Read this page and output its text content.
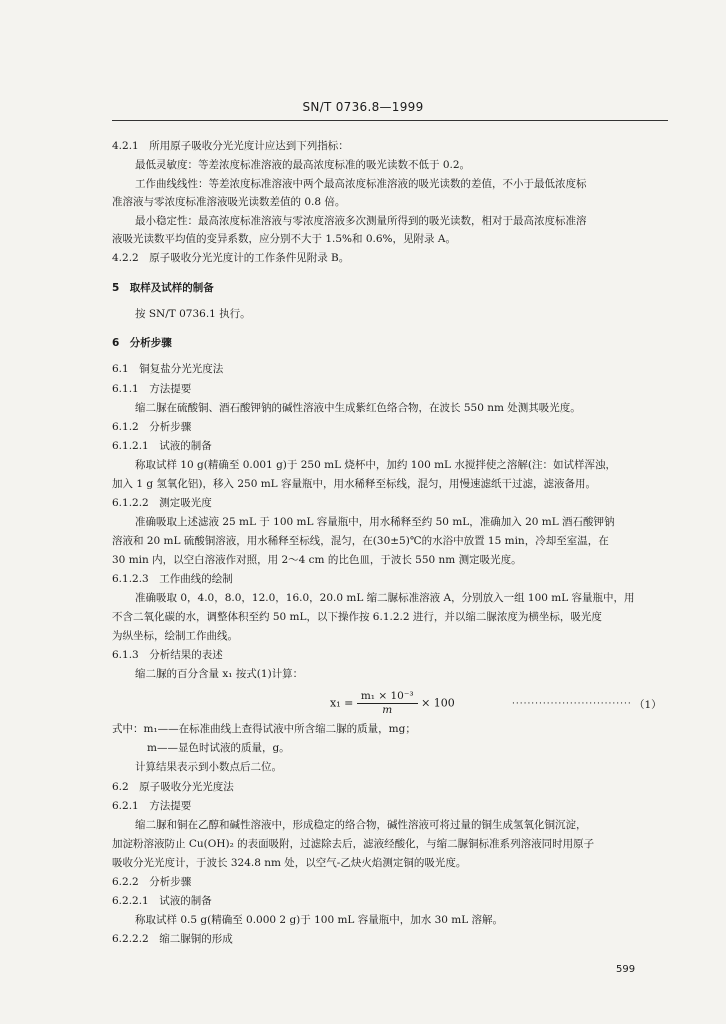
SN/T 0736.8—1999
4.2.1　所用原子吸收分光光度计应达到下列指标：
最低灵敏度：等差浓度标准溶液的最高浓度标准的吸光读数不低于 0.2。
工作曲线线性：等差浓度标准溶液中两个最高浓度标准溶液的吸光读数的差值，不小于最低浓度标
准溶液与零浓度标准溶液吸光读数差值的 0.8 倍。
最小稳定性：最高浓度标准溶液与零浓度溶液多次测量所得到的吸光读数，相对于最高浓度标准溶
液吸光读数平均值的变异系数，应分别不大于 1.5%和 0.6%，见附录 A。
4.2.2　原子吸收分光光度计的工作条件见附录 B。
5　取样及试样的制备
按 SN/T 0736.1 执行。
6　分析步骤
6.1　铜复盐分光光度法
6.1.1　方法提要
缩二脲在硫酸铜、酒石酸钾钠的碱性溶液中生成紫红色络合物，在波长 550 nm 处测其吸光度。
6.1.2　分析步骤
6.1.2.1　试液的制备
称取试样 10 g(精确至 0.001 g)于 250 mL 烧杯中，加约 100 mL 水搅拌使之溶解(注：如试样浑浊，
加入 1 g 氢氧化铝)，移入 250 mL 容量瓶中，用水稀释至标线，混匀，用慢速滤纸干过滤，滤液备用。
6.1.2.2　测定吸光度
准确吸取上述滤液 25 mL 于 100 mL 容量瓶中，用水稀释至约 50 mL，准确加入 20 mL 酒石酸钾钠
溶液和 20 mL 硫酸铜溶液，用水稀释至标线，混匀，在(30±5)℃的水浴中放置 15 min，冷却至室温，在
30 min 内，以空白溶液作对照，用 2～4 cm 的比色皿，于波长 550 nm 测定吸光度。
6.1.2.3　工作曲线的绘制
准确吸取 0，4.0，8.0，12.0，16.0，20.0 mL 缩二脲标准溶液 A，分别放入一组 100 mL 容量瓶中，用
不含二氧化碳的水，调整体积至约 50 mL，以下操作按 6.1.2.2 进行，并以缩二脲浓度为横坐标，吸光度
为纵坐标，绘制工作曲线。
6.1.3　分析结果的表述
缩二脲的百分含量 x₁ 按式(1)计算：
式中：m₁——在标准曲线上查得试液中所含缩二脲的质量，mg；
m——显色时试液的质量，g。
计算结果表示到小数点后二位。
6.2　原子吸收分光光度法
6.2.1　方法提要
缩二脲和铜在乙醇和碱性溶液中，形成稳定的络合物，碱性溶液可将过量的铜生成氢氧化铜沉淀，
加淀粉溶液防止 Cu(OH)₂ 的表面吸附，过滤除去后，滤液经酸化，与缩二脲铜标准系列溶液同时用原子
吸收分光光度计，于波长 324.8 nm 处，以空气-乙炔火焰测定铜的吸光度。
6.2.2　分析步骤
6.2.2.1　试液的制备
称取试样 0.5 g(精确至 0.000 2 g)于 100 mL 容量瓶中，加水 30 mL 溶解。
6.2.2.2　缩二脲铜的形成
$x_1 = \frac{\text{m₁ × 10⁻³}}{m} \times 100$	······························· （1）
599
